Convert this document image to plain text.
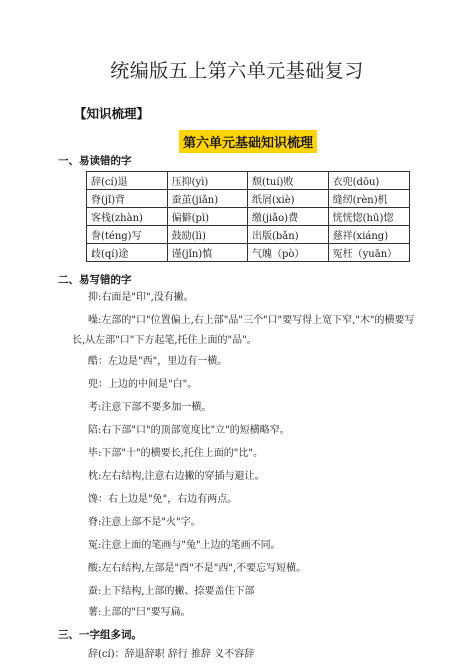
统编版五上第六单元基础复习
【知识梳理】
第六单元基础知识梳理
一、易读错的字
辞(cí)退	压抑(yì)	颓(tuí)败	衣兜(dōu)
脊(jǐ)背	蚕茧(jiǎn)	纸屑(xiè)	缝纫(rèn)机
客栈(zhàn)	偏僻(pì)	缴(jiǎo)费	恍恍惚(hū)惚
誊(téng)写	鼓励(lì)	出版(bǎn)	慈祥(xiáng)
歧(qí)途	谨(jǐn)慎	气魄（pò）	冤枉（yuān）
二、易写错的字
抑:右面是"印",没有撇。
噪:左部的"口"位置偏上,右上部"品"三个"口"要写得上宽下窄,"木"的横要写
长,从左部"口"下方起笔,托住上面的"品"。
酷：左边是"西"，里边有一横。
兜：上边的中间是"白"。
考:注意下部不要多加一横。
陪:右下部"口"的顶部宽度比"立"的短横略窄。
毕:下部"十"的横要长,托住上面的"比"。
枕:左右结构,注意右边撇的穿插与避让。
馋：右上边是"免"，右边有两点。
脊:注意上部不是"火"字。
冤:注意上面的笔画与"兔"上边的笔画不同。
酸:左右结构,左部是"酉"不是"西",不要忘写短横。
蚕:上下结构,上部的撇、捺要盖住下部
薯:上部的"曰"要写扁。
三、一字组多词。
辞(cí)：辞退辞职 辞行 推辞 义不容辞
